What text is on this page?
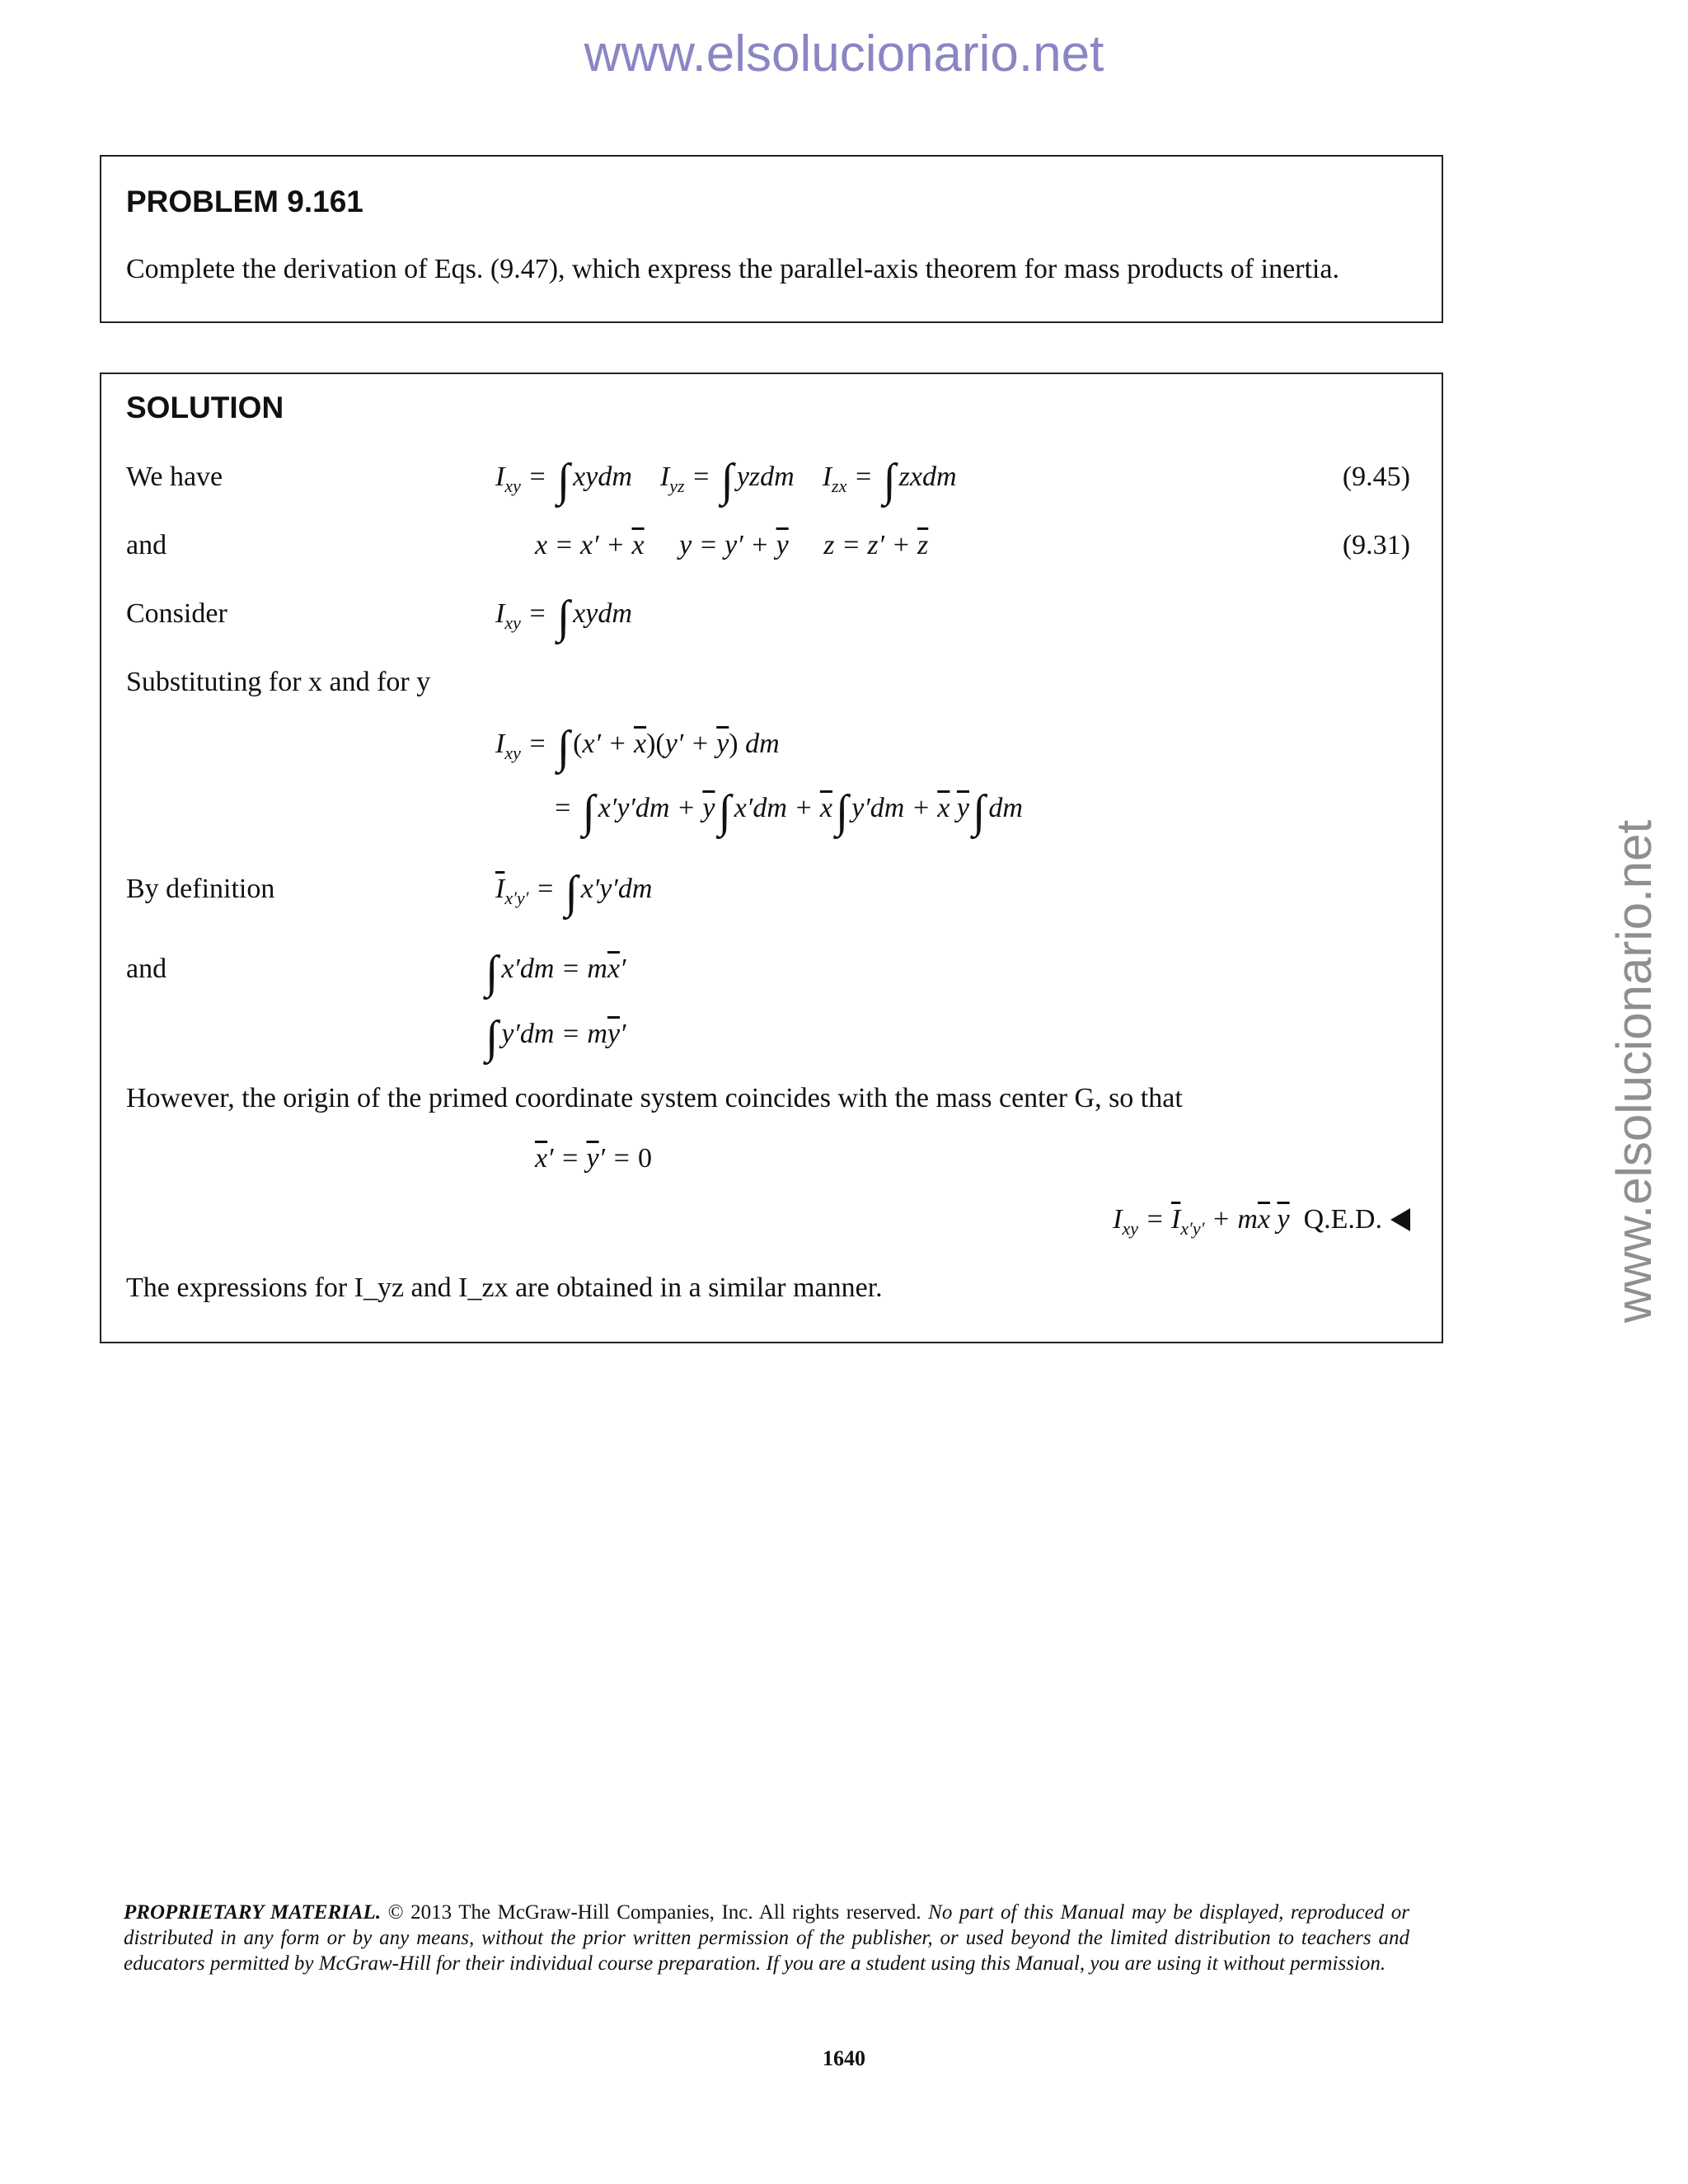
www.elsolucionario.net
www.elsolucionario.net
PROBLEM 9.161
Complete the derivation of Eqs. (9.47), which express the parallel-axis theorem for mass products of inertia.
SOLUTION
We have	$I_{xy}$ = ∫ xydm    $I_{yz}$ = ∫ yzdm    $I_{zx}$ = ∫ zxdm	(9.45)
and	$x = x' + \overline{x}$     $y = y' + \overline{y}$     $z = z' + \overline{z}$	(9.31)
Consider	$I_{xy}$ = ∫ xydm
Substituting for x and for y
$I_{xy}$ = ∫ $(x' + \overline{x})(y' + \overline{y})$ dm
= ∫ $x'y'dm + \overline{y}\int$ $x'dm + \overline{x}\int$ $y'dm + \overline{x}$ $\overline{y}\int$ dm
By definition	$\overline{I}_{x'y'}$ = ∫ x′y′dm
and	∫ $x'dm = m\overline{x}'$
∫ $y'dm = m\overline{y}'$
However, the origin of the primed coordinate system coincides with the mass center G, so that
$\overline{x}' = \overline{y}' = 0$
$I_{xy} = \overline{I}_{x'y'} + m\overline{x}$ $\overline{y}$ Q.E.D.
The expressions for I_yz and I_zx are obtained in a similar manner.
PROPRIETARY MATERIAL. © 2013 The McGraw-Hill Companies, Inc. All rights reserved. No part of this Manual may be displayed, reproduced or distributed in any form or by any means, without the prior written permission of the publisher, or used beyond the limited distribution to teachers and educators permitted by McGraw-Hill for their individual course preparation. If you are a student using this Manual, you are using it without permission.
1640
